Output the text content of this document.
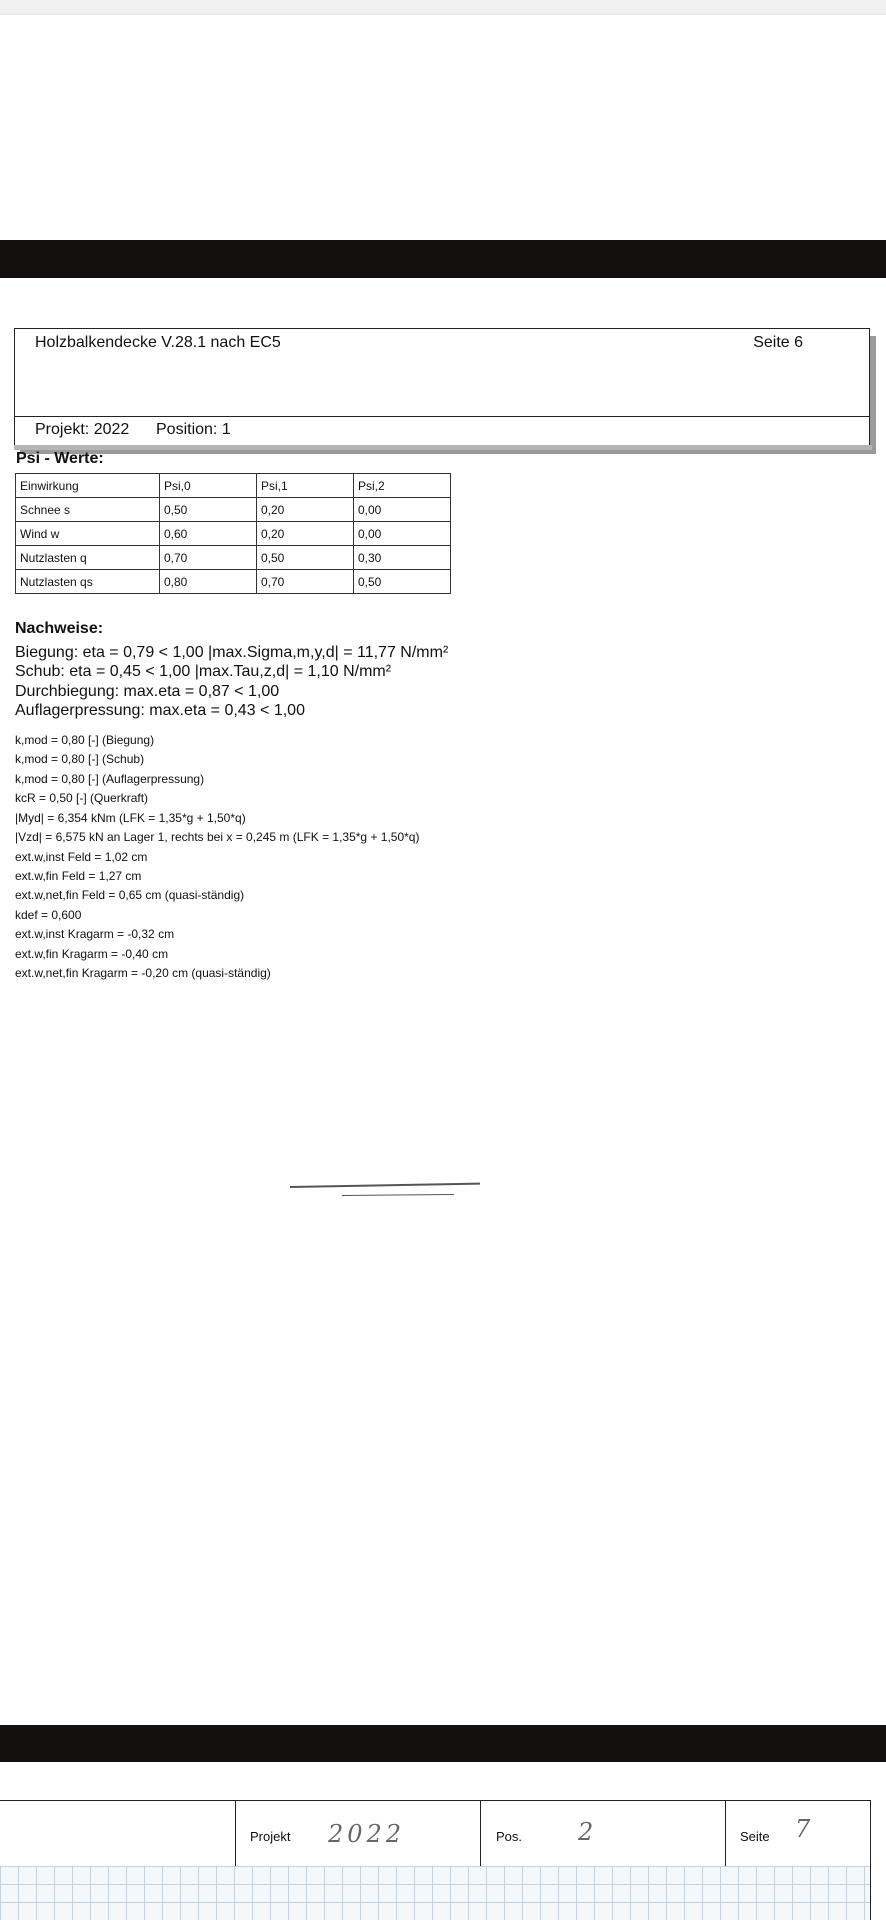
Holzbalkendecke V.28.1 nach EC5	Seite 6
Projekt: 2022 Position: 1
Psi - Werte:
Einwirkung	Psi,0	Psi,1	Psi,2
Schnee s	0,50	0,20	0,00
Wind w	0,60	0,20	0,00
Nutzlasten q	0,70	0,50	0,30
Nutzlasten qs	0,80	0,70	0,50
Nachweise:
Biegung: eta = 0,79 < 1,00 |max.Sigma,m,y,d| = 11,77 N/mm²
Schub: eta = 0,45 < 1,00 |max.Tau,z,d| = 1,10 N/mm²
Durchbiegung: max.eta = 0,87 < 1,00
Auflagerpressung: max.eta = 0,43 < 1,00
k,mod = 0,80 [-] (Biegung)
k,mod = 0,80 [-] (Schub)
k,mod = 0,80 [-] (Auflagerpressung)
kcR = 0,50 [-] (Querkraft)
|Myd| = 6,354 kNm (LFK = 1,35*g + 1,50*q)
|Vzd| = 6,575 kN an Lager 1, rechts bei x = 0,245 m (LFK = 1,35*g + 1,50*q)
ext.w,inst Feld = 1,02 cm
ext.w,fin Feld = 1,27 cm
ext.w,net,fin Feld = 0,65 cm (quasi-ständig)
kdef = 0,600
ext.w,inst Kragarm = -0,32 cm
ext.w,fin Kragarm = -0,40 cm
ext.w,net,fin Kragarm = -0,20 cm (quasi-ständig)
Projekt 2022	Pos. 2	Seite 7
